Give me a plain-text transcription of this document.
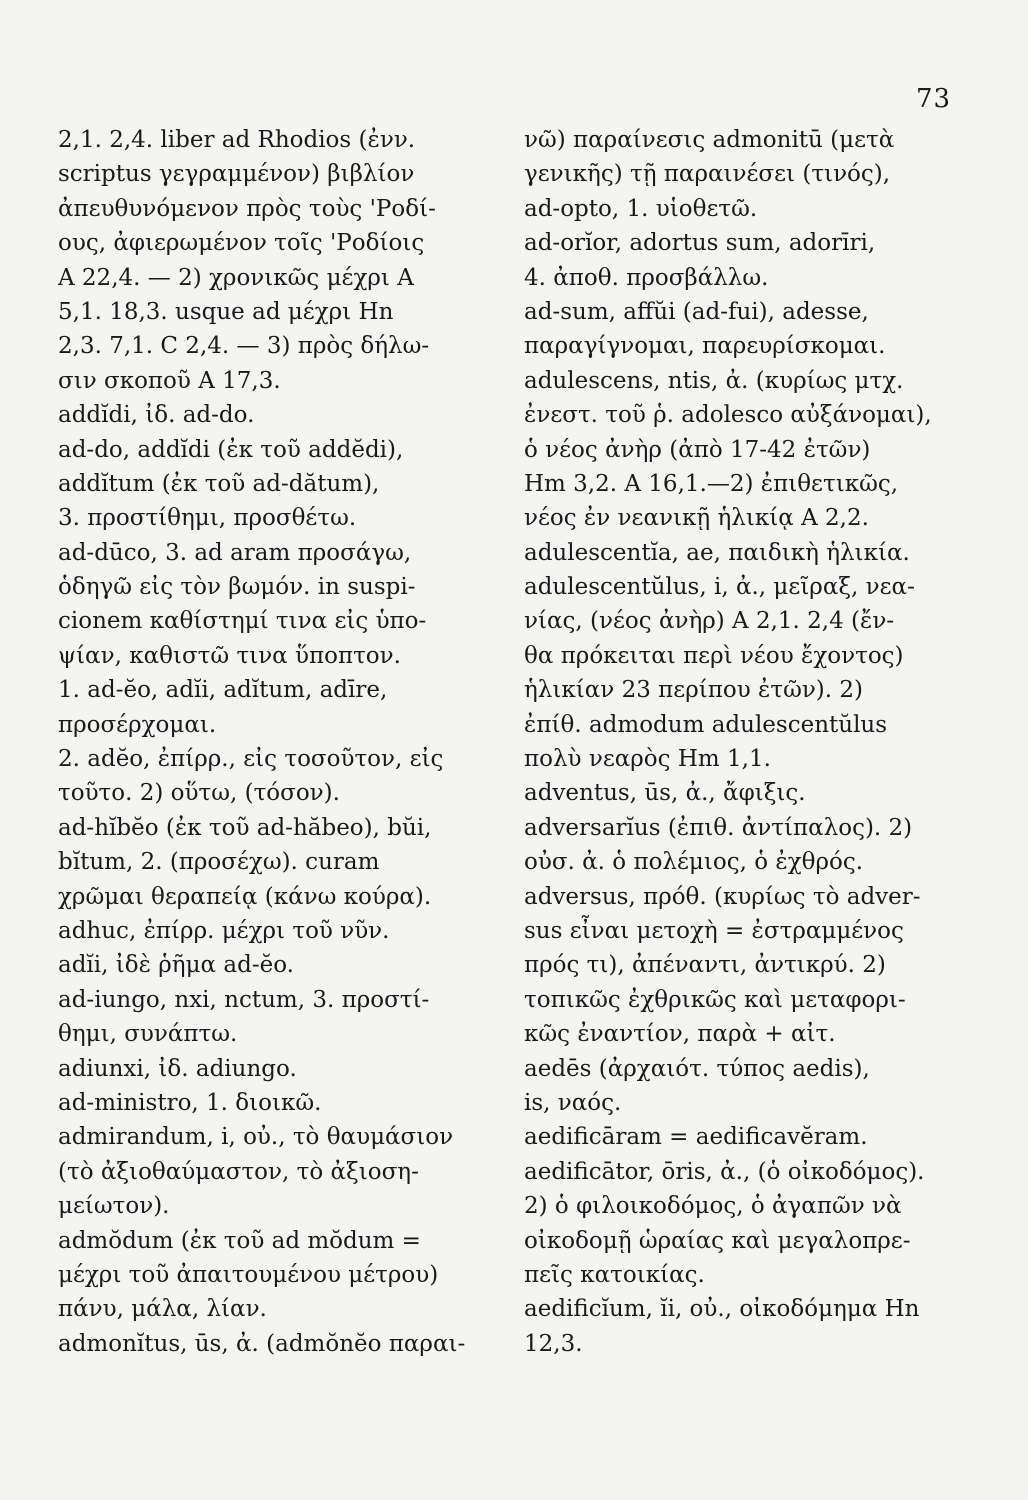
73
2,1. 2,4. liber ad Rhodios (ἐνν.
scriptus γεγραμμένον) βιβλίον
ἀπευθυνόμενον πρὸς τοὺς 'Ροδί-
ους, ἀφιερωμένον τοῖς 'Ροδίοις
A 22,4. — 2) χρονικῶς μέχρι A
5,1. 18,3. usque ad μέχρι Hn
2,3. 7,1. C 2,4. — 3) πρὸς δήλω-
σιν σκοποῦ A 17,3.
addĭdi, ἰδ. ad-do.
ad-do, addĭdi (ἐκ τοῦ addĕdi),
addĭtum (ἐκ τοῦ ad-dătum),
3. προστίθημι, προσθέτω.
ad-dūco, 3. ad aram προσάγω,
ὁδηγῶ εἰς τὸν βωμόν. in suspi-
cionem καθίστημί τινα εἰς ὑπο-
ψίαν, καθιστῶ τινα ὕποπτον.
1. ad-ĕo, adĭi, adĭtum, adīre,
προσέρχομαι.
2. adĕo, ἐπίρρ., εἰς τοσοῦτον, εἰς
τοῦτο. 2) οὕτω, (τόσον).
ad-hĭbĕo (ἐκ τοῦ ad-hăbeo), bŭi,
bĭtum, 2. (προσέχω). curam
χρῶμαι θεραπείᾳ (κάνω κούρα).
adhuc, ἐπίρρ. μέχρι τοῦ νῦν.
adĭi, ἰδὲ ῥῆμα ad-ĕo.
ad-iungo, nxi, nctum, 3. προστί-
θημι, συνάπτω.
adiunxi, ἰδ. adiungo.
ad-ministro, 1. διοικῶ.
admirandum, i, οὐ., τὸ θαυμάσιον
(τὸ ἀξιοθαύμαστον, τὸ ἀξιοση-
μείωτον).
admŏdum (ἐκ τοῦ ad mŏdum =
μέχρι τοῦ ἀπαιτουμένου μέτρου)
πάνυ, μάλα, λίαν.
admonĭtus, ūs, ἀ. (admŏnĕo παραι-
νῶ) παραίνεσις admonitū (μετὰ
γενικῆς) τῇ παραινέσει (τινός),
ad-opto, 1. υἱοθετῶ.
ad-orĭor, adortus sum, adorīri,
4. ἀποθ. προσβάλλω.
ad-sum, affŭi (ad-fui), adesse,
παραγίγνομαι, παρευρίσκομαι.
adulescens, ntis, ἀ. (κυρίως μτχ.
ἐνεστ. τοῦ ῥ. adolesco αὐξάνομαι),
ὁ νέος ἀνὴρ (ἀπὸ 17-42 ἐτῶν)
Hm 3,2. A 16,1.—2) ἐπιθετικῶς,
νέος ἐν νεανικῇ ἡλικίᾳ A 2,2.
adulescentĭa, ae, παιδικὴ ἡλικία.
adulescentŭlus, i, ἀ., μεῖραξ, νεα-
νίας, (νέος ἀνὴρ) A 2,1. 2,4 (ἔν-
θα πρόκειται περὶ νέου ἔχοντος)
ἡλικίαν 23 περίπου ἐτῶν). 2)
ἐπίθ. admodum adulescentŭlus
πολὺ νεαρὸς Hm 1,1.
adventus, ūs, ἀ., ἄφιξις.
adversarĭus (ἐπιθ. ἀντίπαλος). 2)
οὐσ. ἀ. ὁ πολέμιος, ὁ ἐχθρός.
adversus, πρόθ. (κυρίως τὸ adver-
sus εἶναι μετοχὴ = ἐστραμμένος
πρός τι), ἀπέναντι, ἀντικρύ. 2)
τοπικῶς ἐχθρικῶς καὶ μεταφορι-
κῶς ἐναντίον, παρὰ + αἰτ.
aedēs (ἀρχαιότ. τύπος aedis),
is, ναός.
aedificāram = aedificavĕram.
aedificātor, ōris, ἀ., (ὁ οἰκοδόμος).
2) ὁ φιλοικοδόμος, ὁ ἀγαπῶν νὰ
οἰκοδομῇ ὡραίας καὶ μεγαλοπρε-
πεῖς κατοικίας.
aedificĭum, ĭi, οὐ., οἰκοδόμημα Hn
12,3.
